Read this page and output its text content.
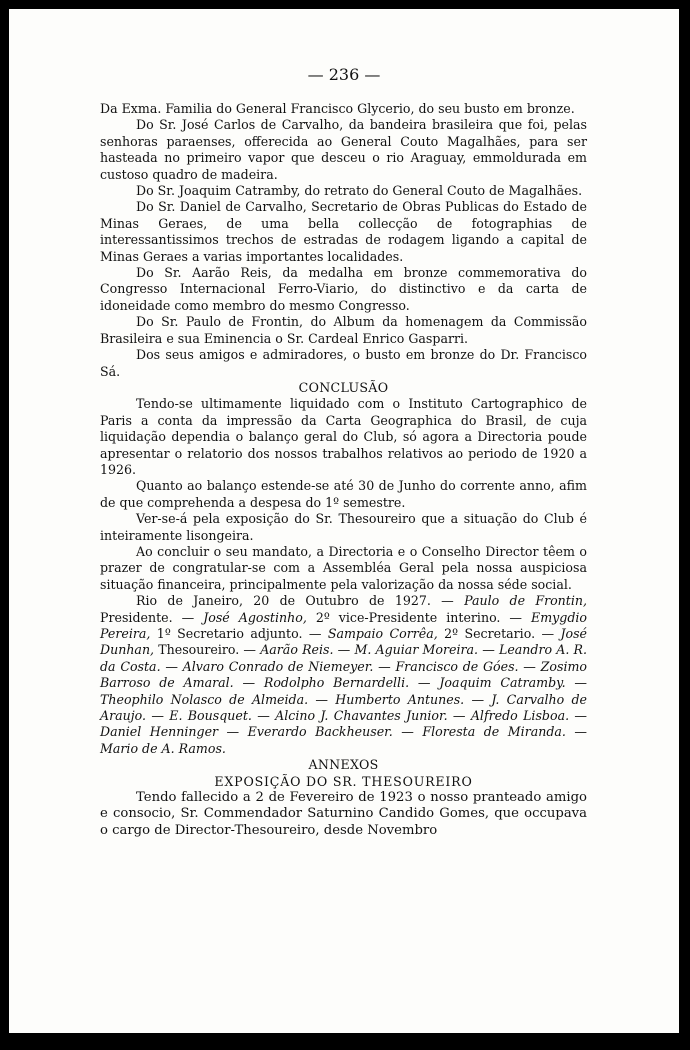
— 236 —

Da Exma. Familia do General Francisco Glycerio, do seu busto em bronze.

Do Sr. José Carlos de Carvalho, da bandeira brasileira que foi, pelas senhoras paraenses, offerecida ao General Couto Magalhães, para ser hasteada no primeiro vapor que desceu o rio Araguay, emmoldurada em custoso quadro de madeira.

Do Sr. Joaquim Catramby, do retrato do General Couto de Magalhães.

Do Sr. Daniel de Carvalho, Secretario de Obras Publicas do Estado de Minas Geraes, de uma bella collecção de fotographias de interessantissimos trechos de estradas de rodagem ligando a capital de Minas Geraes a varias importantes localidades.

Do Sr. Aarão Reis, da medalha em bronze commemorativa do Congresso Internacional Ferro-Viario, do distinctivo e da carta de idoneidade como membro do mesmo Congresso.

Do Sr. Paulo de Frontin, do Album da homenagem da Commissão Brasileira e sua Eminencia o Sr. Cardeal Enrico Gasparri.

Dos seus amigos e admiradores, o busto em bronze do Dr. Francisco Sá.

CONCLUSÃO

Tendo-se ultimamente liquidado com o Instituto Cartographico de Paris a conta da impressão da Carta Geographica do Brasil, de cuja liquidação dependia o balanço geral do Club, só agora a Directoria poude apresentar o relatorio dos nossos trabalhos relativos ao periodo de 1920 a 1926.

Quanto ao balanço estende-se até 30 de Junho do corrente anno, afim de que comprehenda a despesa do 1º semestre.

Ver-se-á pela exposição do Sr. Thesoureiro que a situação do Club é inteiramente lisongeira.

Ao concluir o seu mandato, a Directoria e o Conselho Director têem o prazer de congratular-se com a Assembléa Geral pela nossa auspiciosa situação financeira, principalmente pela valorização da nossa séde social.

Rio de Janeiro, 20 de Outubro de 1927. — Paulo de Frontin, Presidente. — José Agostinho, 2º vice-Presidente interino. — Emygdio Pereira, 1º Secretario adjunto. — Sampaio Corrêa, 2º Secretario. — José Dunhan, Thesoureiro. — Aarão Reis. — M. Aguiar Moreira. — Leandro A. R. da Costa. — Alvaro Conrado de Niemeyer. — Francisco de Góes. — Zosimo Barroso de Amaral. — Rodolpho Bernardelli. — Joaquim Catramby. — Theophilo Nolasco de Almeida. — Humberto Antunes. — J. Carvalho de Araujo. — E. Bousquet. — Alcino J. Chavantes Junior. — Alfredo Lisboa. — Daniel Henninger — Everardo Backheuser. — Floresta de Miranda. — Mario de A. Ramos.

ANNEXOS

EXPOSIÇÃO DO SR. THESOUREIRO

Tendo fallecido a 2 de Fevereiro de 1923 o nosso pranteado amigo e consocio, Sr. Commendador Saturnino Candido Gomes, que occupava o cargo de Director-Thesoureiro, desde Novembro
